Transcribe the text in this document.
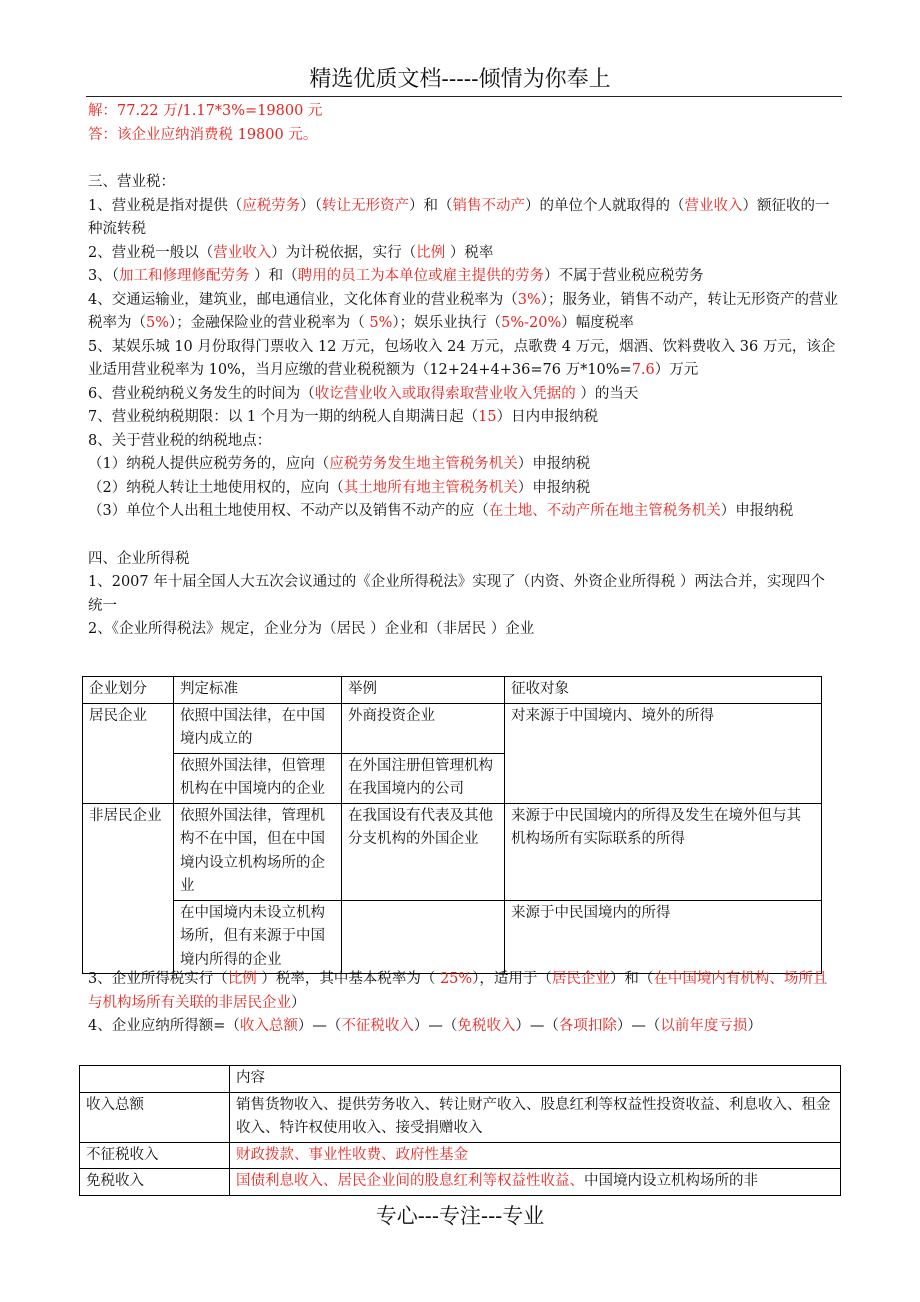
精选优质文档-----倾情为你奉上

解：77.22 万/1.17*3%=19800 元

答：该企业应纳消费税 19800 元。

三、营业税：

1、营业税是指对提供（应税劳务）（转让无形资产）和（销售不动产）的单位个人就取得的（营业收入）额征收的一种流转税

2、营业税一般以（营业收入）为计税依据，实行（比例 ）税率

3、（加工和修理修配劳务 ）和（聘用的员工为本单位或雇主提供的劳务）不属于营业税应税劳务

4、交通运输业，建筑业，邮电通信业，文化体育业的营业税率为（3%）；服务业，销售不动产，转让无形资产的营业税率为（5%）；金融保险业的营业税率为（ 5%）；娱乐业执行（5%-20%）幅度税率

5、某娱乐城 10 月份取得门票收入 12 万元，包场收入 24 万元，点歌费 4 万元，烟酒、饮料费收入 36 万元，该企业适用营业税率为 10%，当月应缴的营业税税额为（12+24+4+36=76 万*10%=7.6）万元

6、营业税纳税义务发生的时间为（收讫营业收入或取得索取营业收入凭据的 ）的当天

7、营业税纳税期限：以 1 个月为一期的纳税人自期满日起（15）日内申报纳税

8、关于营业税的纳税地点：

（1）纳税人提供应税劳务的，应向（应税劳务发生地主管税务机关）申报纳税

（2）纳税人转让土地使用权的，应向（其土地所有地主管税务机关）申报纳税

（3）单位个人出租土地使用权、不动产以及销售不动产的应（在土地、不动产所在地主管税务机关）申报纳税

四、企业所得税

1、2007 年十届全国人大五次会议通过的《企业所得税法》实现了（内资、外资企业所得税 ）两法合并，实现四个统一

2、《企业所得税法》规定，企业分为（居民 ）企业和（非居民 ）企业

企业划分	判定标准	举例	征收对象
居民企业	依照中国法律，在中国境内成立的	外商投资企业	对来源于中国境内、境外的所得
	依照外国法律，但管理机构在中国境内的企业	在外国注册但管理机构在我国境内的公司	
非居民企业	依照外国法律，管理机构不在中国，但在中国境内设立机构场所的企业	在我国设有代表及其他分支机构的外国企业	来源于中民国境内的所得及发生在境外但与其机构场所有实际联系的所得
	在中国境内未设立机构场所，但有来源于中国境内所得的企业		来源于中民国境内的所得

3、企业所得税实行（比例 ）税率，其中基本税率为（ 25%），适用于（居民企业）和（在中国境内有机构、场所且与机构场所有关联的非居民企业）

4、企业应纳所得额=（收入总额）—（不征税收入）—（免税收入）—（各项扣除）—（以前年度亏损）

	内容
收入总额	销售货物收入、提供劳务收入、转让财产收入、股息红利等权益性投资收益、利息收入、租金收入、特许权使用收入、接受捐赠收入
不征税收入	财政拨款、事业性收费、政府性基金
免税收入	国债利息收入、居民企业间的股息红利等权益性收益、中国境内设立机构场所的非
专心---专注---专业
